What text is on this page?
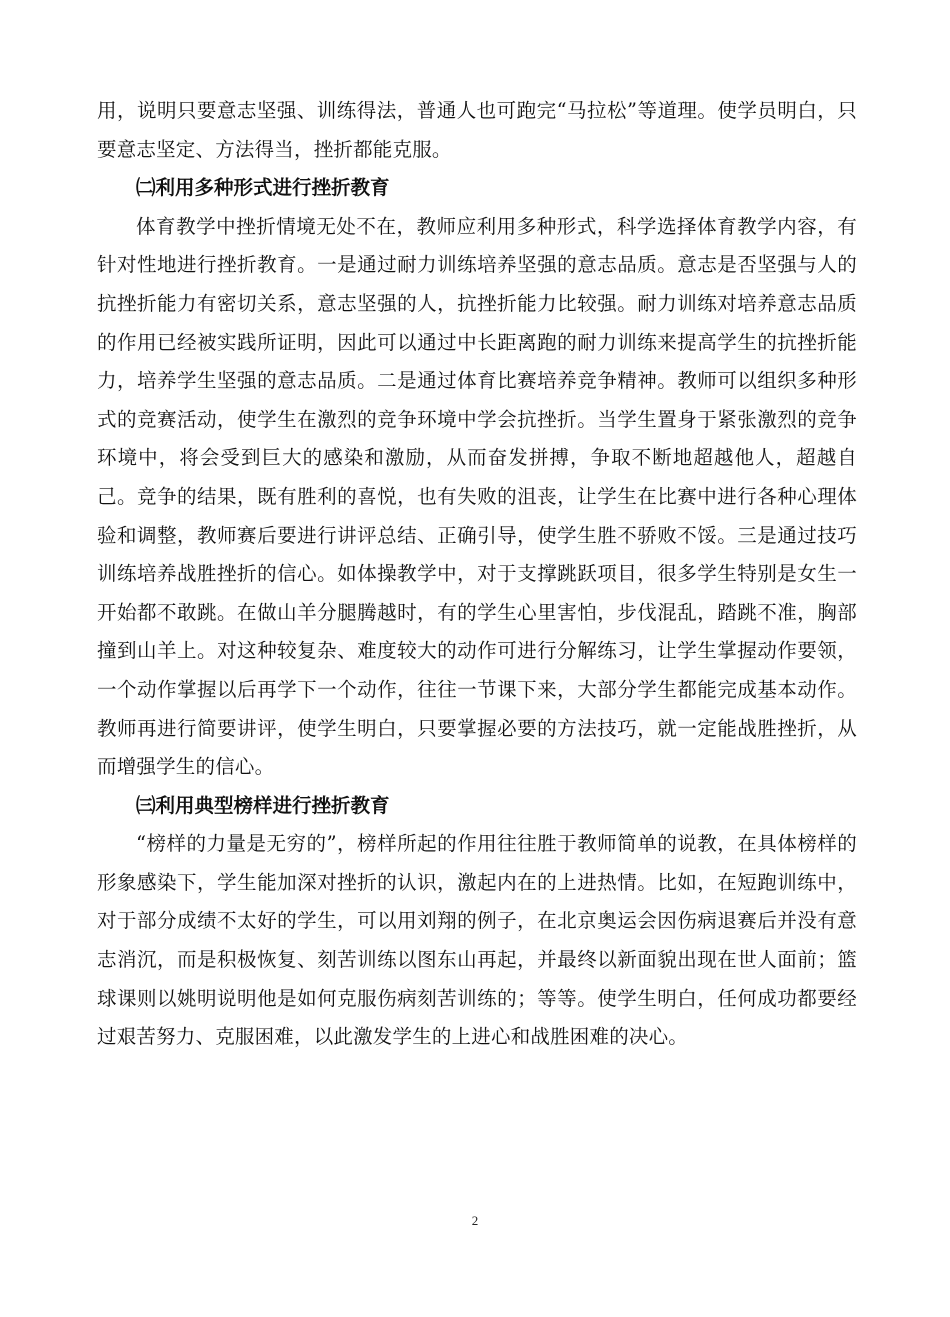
用，说明只要意志坚强、训练得法，普通人也可跑完“马拉松”等道理。使学员明白，只要意志坚定、方法得当，挫折都能克服。

㈡利用多种形式进行挫折教育

体育教学中挫折情境无处不在，教师应利用多种形式，科学选择体育教学内容，有针对性地进行挫折教育。一是通过耐力训练培养坚强的意志品质。意志是否坚强与人的抗挫折能力有密切关系，意志坚强的人，抗挫折能力比较强。耐力训练对培养意志品质的作用已经被实践所证明，因此可以通过中长距离跑的耐力训练来提高学生的抗挫折能力，培养学生坚强的意志品质。二是通过体育比赛培养竞争精神。教师可以组织多种形式的竞赛活动，使学生在激烈的竞争环境中学会抗挫折。当学生置身于紧张激烈的竞争环境中，将会受到巨大的感染和激励，从而奋发拼搏，争取不断地超越他人，超越自己。竞争的结果，既有胜利的喜悦，也有失败的沮丧，让学生在比赛中进行各种心理体验和调整，教师赛后要进行讲评总结、正确引导，使学生胜不骄败不馁。三是通过技巧训练培养战胜挫折的信心。如体操教学中，对于支撑跳跃项目，很多学生特别是女生一开始都不敢跳。在做山羊分腿腾越时，有的学生心里害怕，步伐混乱，踏跳不准，胸部撞到山羊上。对这种较复杂、难度较大的动作可进行分解练习，让学生掌握动作要领，一个动作掌握以后再学下一个动作，往往一节课下来，大部分学生都能完成基本动作。教师再进行简要讲评，使学生明白，只要掌握必要的方法技巧，就一定能战胜挫折，从而增强学生的信心。

㈢利用典型榜样进行挫折教育

“榜样的力量是无穷的”，榜样所起的作用往往胜于教师简单的说教，在具体榜样的形象感染下，学生能加深对挫折的认识，激起内在的上进热情。比如，在短跑训练中，对于部分成绩不太好的学生，可以用刘翔的例子，在北京奥运会因伤病退赛后并没有意志消沉，而是积极恢复、刻苦训练以图东山再起，并最终以新面貌出现在世人面前；篮球课则以姚明说明他是如何克服伤病刻苦训练的；等等。使学生明白，任何成功都要经过艰苦努力、克服困难，以此激发学生的上进心和战胜困难的决心。

2
